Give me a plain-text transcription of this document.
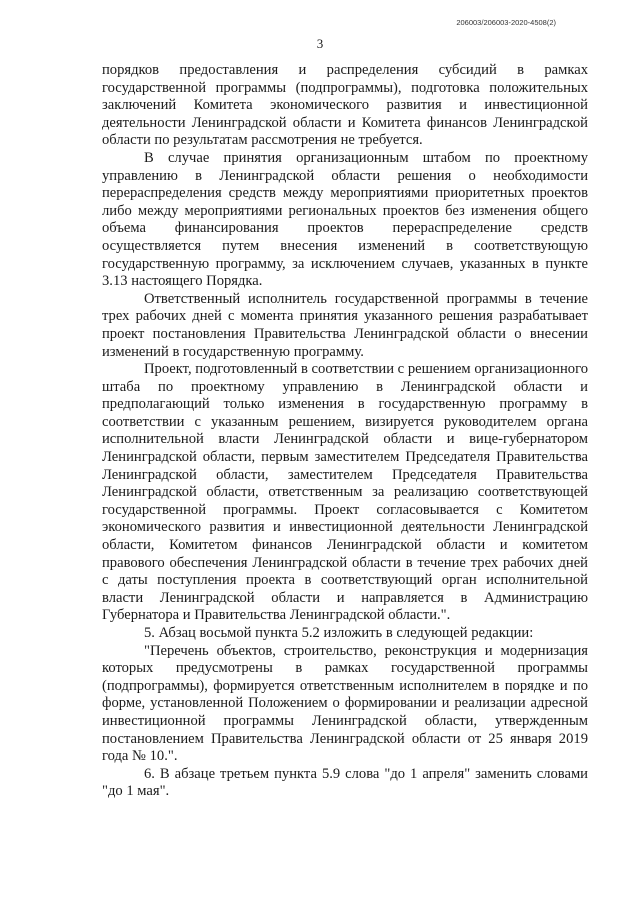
206003/206003-2020-4508(2)
3

порядков предоставления и распределения субсидий в рамках государственной программы (подпрограммы), подготовка положительных заключений Комитета экономического развития и инвестиционной деятельности Ленинградской области и Комитета финансов Ленинградской области по результатам рассмотрения не требуется.

В случае принятия организационным штабом по проектному управлению в Ленинградской области решения о необходимости перераспределения средств между мероприятиями приоритетных проектов либо между мероприятиями региональных проектов без изменения общего объема финансирования проектов перераспределение средств осуществляется путем внесения изменений в соответствующую государственную программу, за исключением случаев, указанных в пункте 3.13 настоящего Порядка.

Ответственный исполнитель государственной программы в течение трех рабочих дней с момента принятия указанного решения разрабатывает проект постановления Правительства Ленинградской области о внесении изменений в государственную программу.

Проект, подготовленный в соответствии с решением организационного штаба по проектному управлению в Ленинградской области и предполагающий только изменения в государственную программу в соответствии с указанным решением, визируется руководителем органа исполнительной власти Ленинградской области и вице-губернатором Ленинградской области, первым заместителем Председателя Правительства Ленинградской области, заместителем Председателя Правительства Ленинградской области, ответственным за реализацию соответствующей государственной программы. Проект согласовывается с Комитетом экономического развития и инвестиционной деятельности Ленинградской области, Комитетом финансов Ленинградской области и комитетом правового обеспечения Ленинградской области в течение трех рабочих дней с даты поступления проекта в соответствующий орган исполнительной власти Ленинградской области и направляется в Администрацию Губернатора и Правительства Ленинградской области.".

5. Абзац восьмой пункта 5.2 изложить в следующей редакции:

"Перечень объектов, строительство, реконструкция и модернизация которых предусмотрены в рамках государственной программы (подпрограммы), формируется ответственным исполнителем в порядке и по форме, установленной Положением о формировании и реализации адресной инвестиционной программы Ленинградской области, утвержденным постановлением Правительства Ленинградской области от 25 января 2019 года № 10.".

6. В абзаце третьем пункта 5.9 слова "до 1 апреля" заменить словами "до 1 мая".
